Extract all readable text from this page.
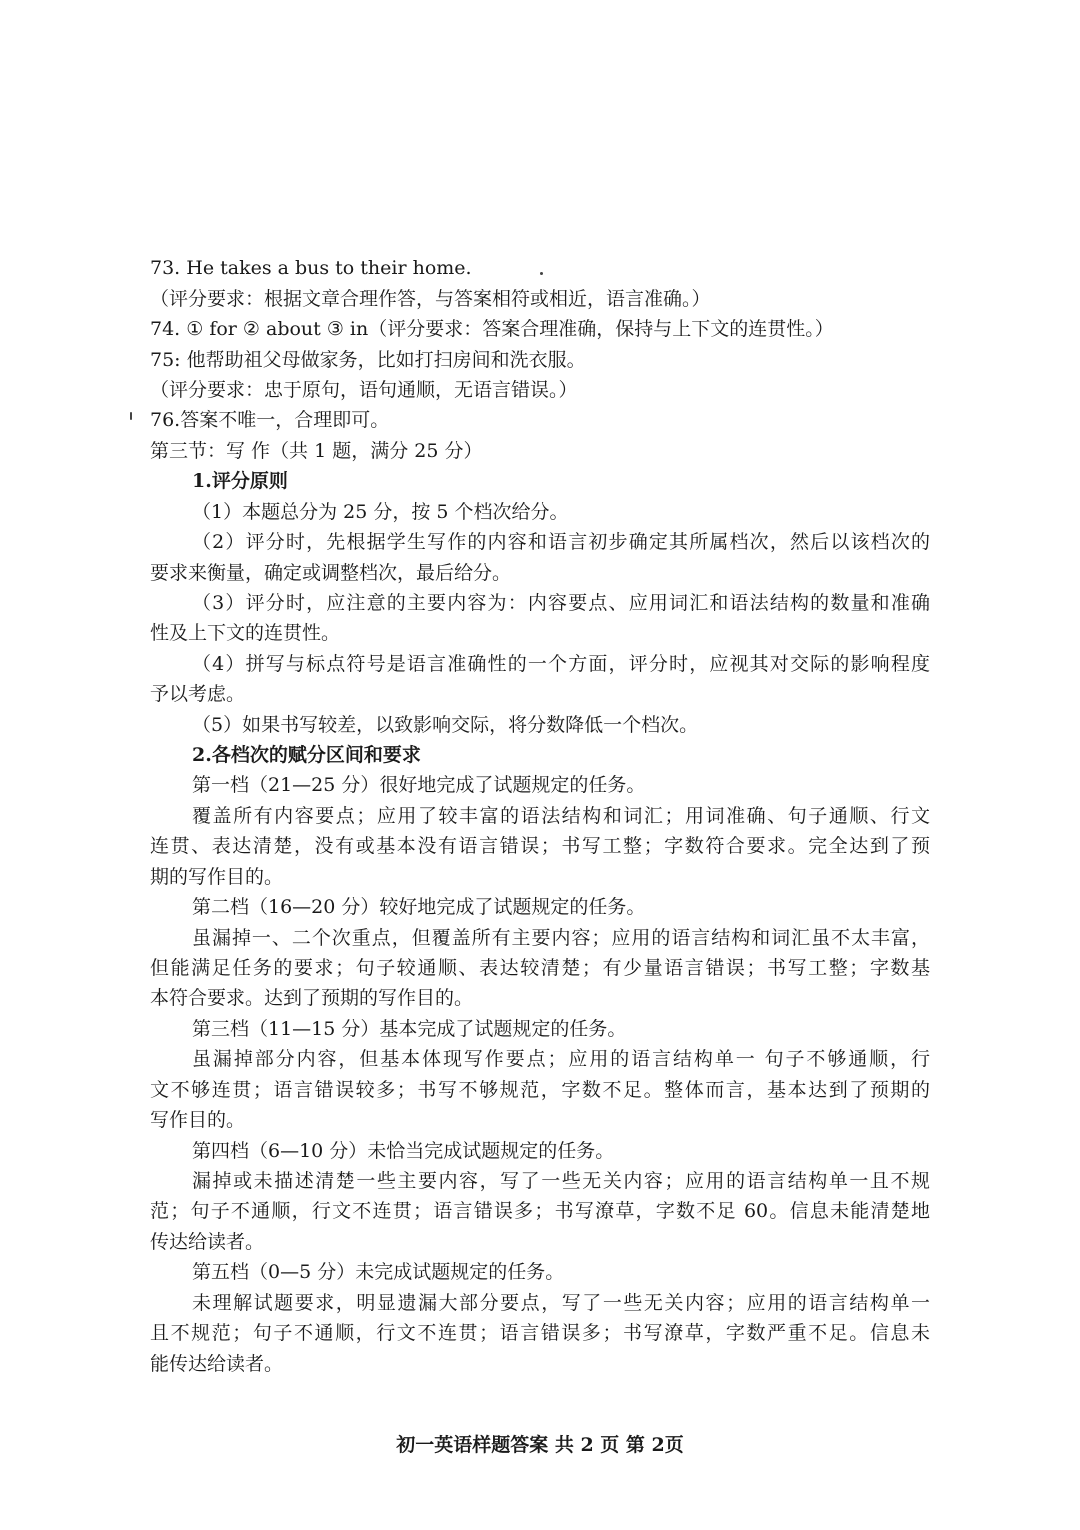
73. He takes a bus to their home.
（评分要求：根据文章合理作答，与答案相符或相近，语言准确。）
74. ① for ② about ③ in（评分要求：答案合理准确，保持与上下文的连贯性。）
75: 他帮助祖父母做家务，比如打扫房间和洗衣服。
（评分要求：忠于原句，语句通顺，无语言错误。）
76.答案不唯一，合理即可。
第三节：写 作（共 1 题，满分 25 分）
1.评分原则
（1）本题总分为 25 分，按 5 个档次给分。
（2）评分时，先根据学生写作的内容和语言初步确定其所属档次，然后以该档次的
要求来衡量，确定或调整档次，最后给分。
（3）评分时，应注意的主要内容为：内容要点、应用词汇和语法结构的数量和准确
性及上下文的连贯性。
（4）拼写与标点符号是语言准确性的一个方面，评分时，应视其对交际的影响程度
予以考虑。
（5）如果书写较差，以致影响交际，将分数降低一个档次。
2.各档次的赋分区间和要求
第一档（21—25 分）很好地完成了试题规定的任务。
覆盖所有内容要点；应用了较丰富的语法结构和词汇；用词准确、句子通顺、行文
连贯、表达清楚，没有或基本没有语言错误；书写工整；字数符合要求。完全达到了预
期的写作目的。
第二档（16—20 分）较好地完成了试题规定的任务。
虽漏掉一、二个次重点，但覆盖所有主要内容；应用的语言结构和词汇虽不太丰富，
但能满足任务的要求；句子较通顺、表达较清楚；有少量语言错误；书写工整；字数基
本符合要求。达到了预期的写作目的。
第三档（11—15 分）基本完成了试题规定的任务。
虽漏掉部分内容，但基本体现写作要点；应用的语言结构单一 句子不够通顺，行
文不够连贯；语言错误较多；书写不够规范，字数不足。整体而言，基本达到了预期的
写作目的。
第四档（6—10 分）未恰当完成试题规定的任务。
漏掉或未描述清楚一些主要内容，写了一些无关内容；应用的语言结构单一且不规
范；句子不通顺，行文不连贯；语言错误多；书写潦草，字数不足 60。信息未能清楚地
传达给读者。
第五档（0—5 分）未完成试题规定的任务。
未理解试题要求，明显遗漏大部分要点，写了一些无关内容；应用的语言结构单一
且不规范；句子不通顺，行文不连贯；语言错误多；书写潦草，字数严重不足。信息未
能传达给读者。
初一英语样题答案 共 2 页 第 2页
